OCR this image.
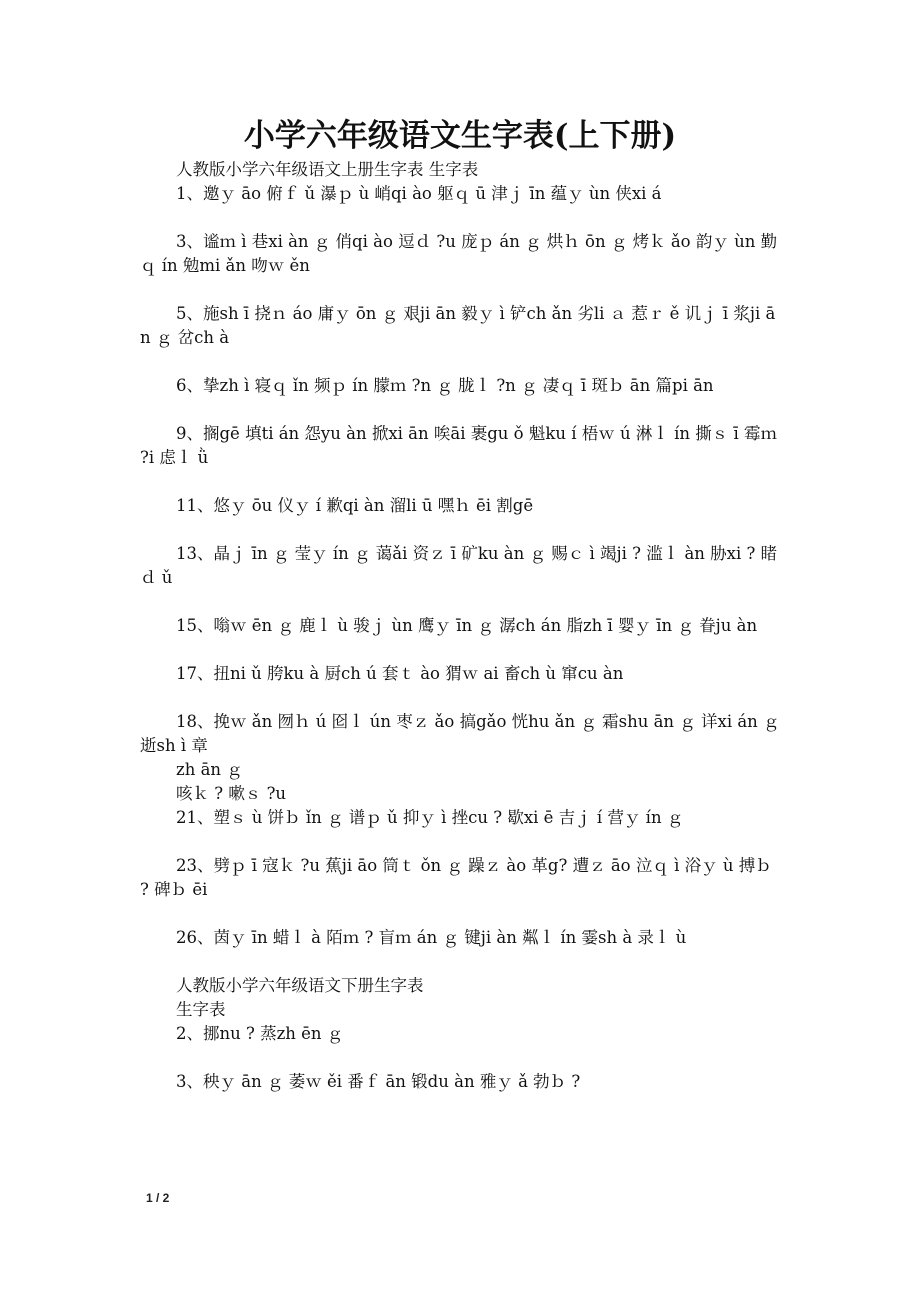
小学六年级语文生字表(上下册)

人教版小学六年级语文上册生字表 生字表

1、邀ｙ āo 俯ｆ ǔ 瀑ｐ ù 峭qi ào 躯ｑ ū 津ｊ īn 蕴ｙ ùn 侠xi á

3、谧ｍ ì 巷xi àn ｇ 俏qi ào 逗ｄ ?u 庞ｐ án ｇ 烘ｈ ōn ｇ 烤ｋ ǎo 韵ｙ ùn 勤ｑ ín 勉mi ǎn 吻ｗ ěn

5、施sh ī 挠ｎ áo 庸ｙ ōn ｇ 艰ji ān 毅ｙ ì 铲ch ǎn 劣li ａ 惹ｒ ě 讥ｊ ī 浆ji ān ｇ 岔ch à

6、挚zh ì 寝ｑ ǐn 频ｐ ín 朦ｍ ?n ｇ 胧ｌ ?n ｇ 凄ｑ ī 斑ｂ ān 篇pi ān

9、搁gē 填ti án 怨yu àn 掀xi ān 唉āi 裹gu ǒ 魁ku í 梧ｗ ú 淋ｌ ín 撕ｓ ī 霉ｍ ?i 虑ｌ ǜ

11、悠ｙ ōu 仪ｙ í 歉qi àn 溜li ū 嘿ｈ ēi 割gē

13、晶ｊ īn ｇ 莹ｙ ín ｇ 蔼ǎi 资ｚ ī 矿ku àn ｇ 赐ｃ ì 竭ji ? 滥ｌ àn 胁xi ? 睹ｄ ǔ

15、嗡ｗ ēn ｇ 鹿ｌ ù 骏ｊ ùn 鹰ｙ īn ｇ 潺ch án 脂zh ī 婴ｙ īn ｇ 眷ju àn

17、扭ni ǔ 胯ku à 厨ch ú 套ｔ ào 猬ｗ ai 畜ch ù 窜cu àn

18、挽ｗ ǎn 囫ｈ ú 囵ｌ ún 枣ｚ ǎo 搞gǎo 恍hu ǎn ｇ 霜shu ān ｇ 详xi án ｇ 逝sh ì 章

zh ān ｇ

咳ｋ ? 嗽ｓ ?u

21、塑ｓ ù 饼ｂ ǐn ｇ 谱ｐ ǔ 抑ｙ ì 挫cu ? 歇xi ē 吉ｊ í 营ｙ ín ｇ

23、劈ｐ ī 寇ｋ ?u 蕉ji āo 筒ｔ ǒn ｇ 躁ｚ ào 革g? 遭ｚ āo 泣ｑ ì 浴ｙ ù 搏ｂ ? 碑ｂ ēi

26、茵ｙ īn 蜡ｌ à 陌ｍ ? 盲ｍ án ｇ 键ji àn 粼ｌ ín 霎sh à 录ｌ ù

人教版小学六年级语文下册生字表

生字表

2、挪nu ? 蒸zh ēn ｇ

3、秧ｙ ān ｇ 萎ｗ ěi 番ｆ ān 锻du àn 雅ｙ ǎ 勃ｂ ?

1 / 2
